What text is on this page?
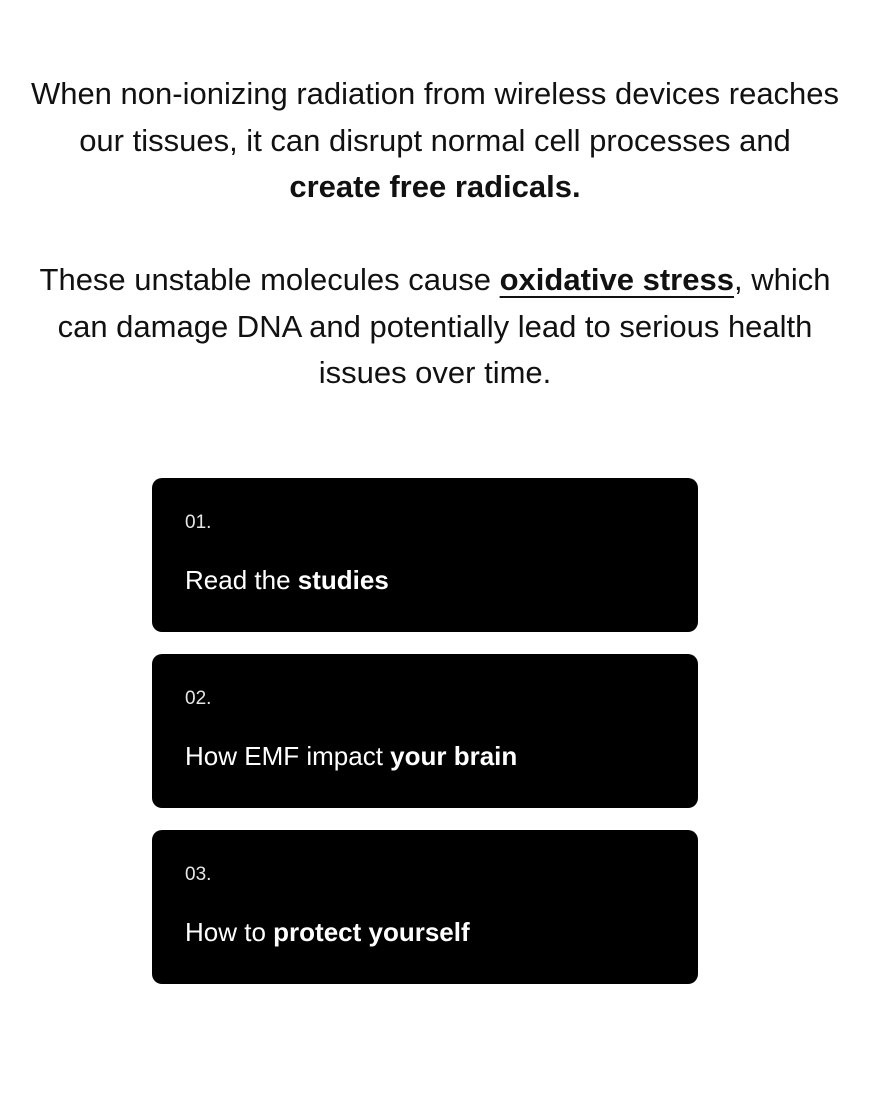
When non-ionizing radiation from wireless devices reaches our tissues, it can disrupt normal cell processes and create free radicals.

These unstable molecules cause oxidative stress, which can damage DNA and potentially lead to serious health issues over time.

01.
Read the studies
02.
How EMF impact your brain
03.
How to protect yourself
